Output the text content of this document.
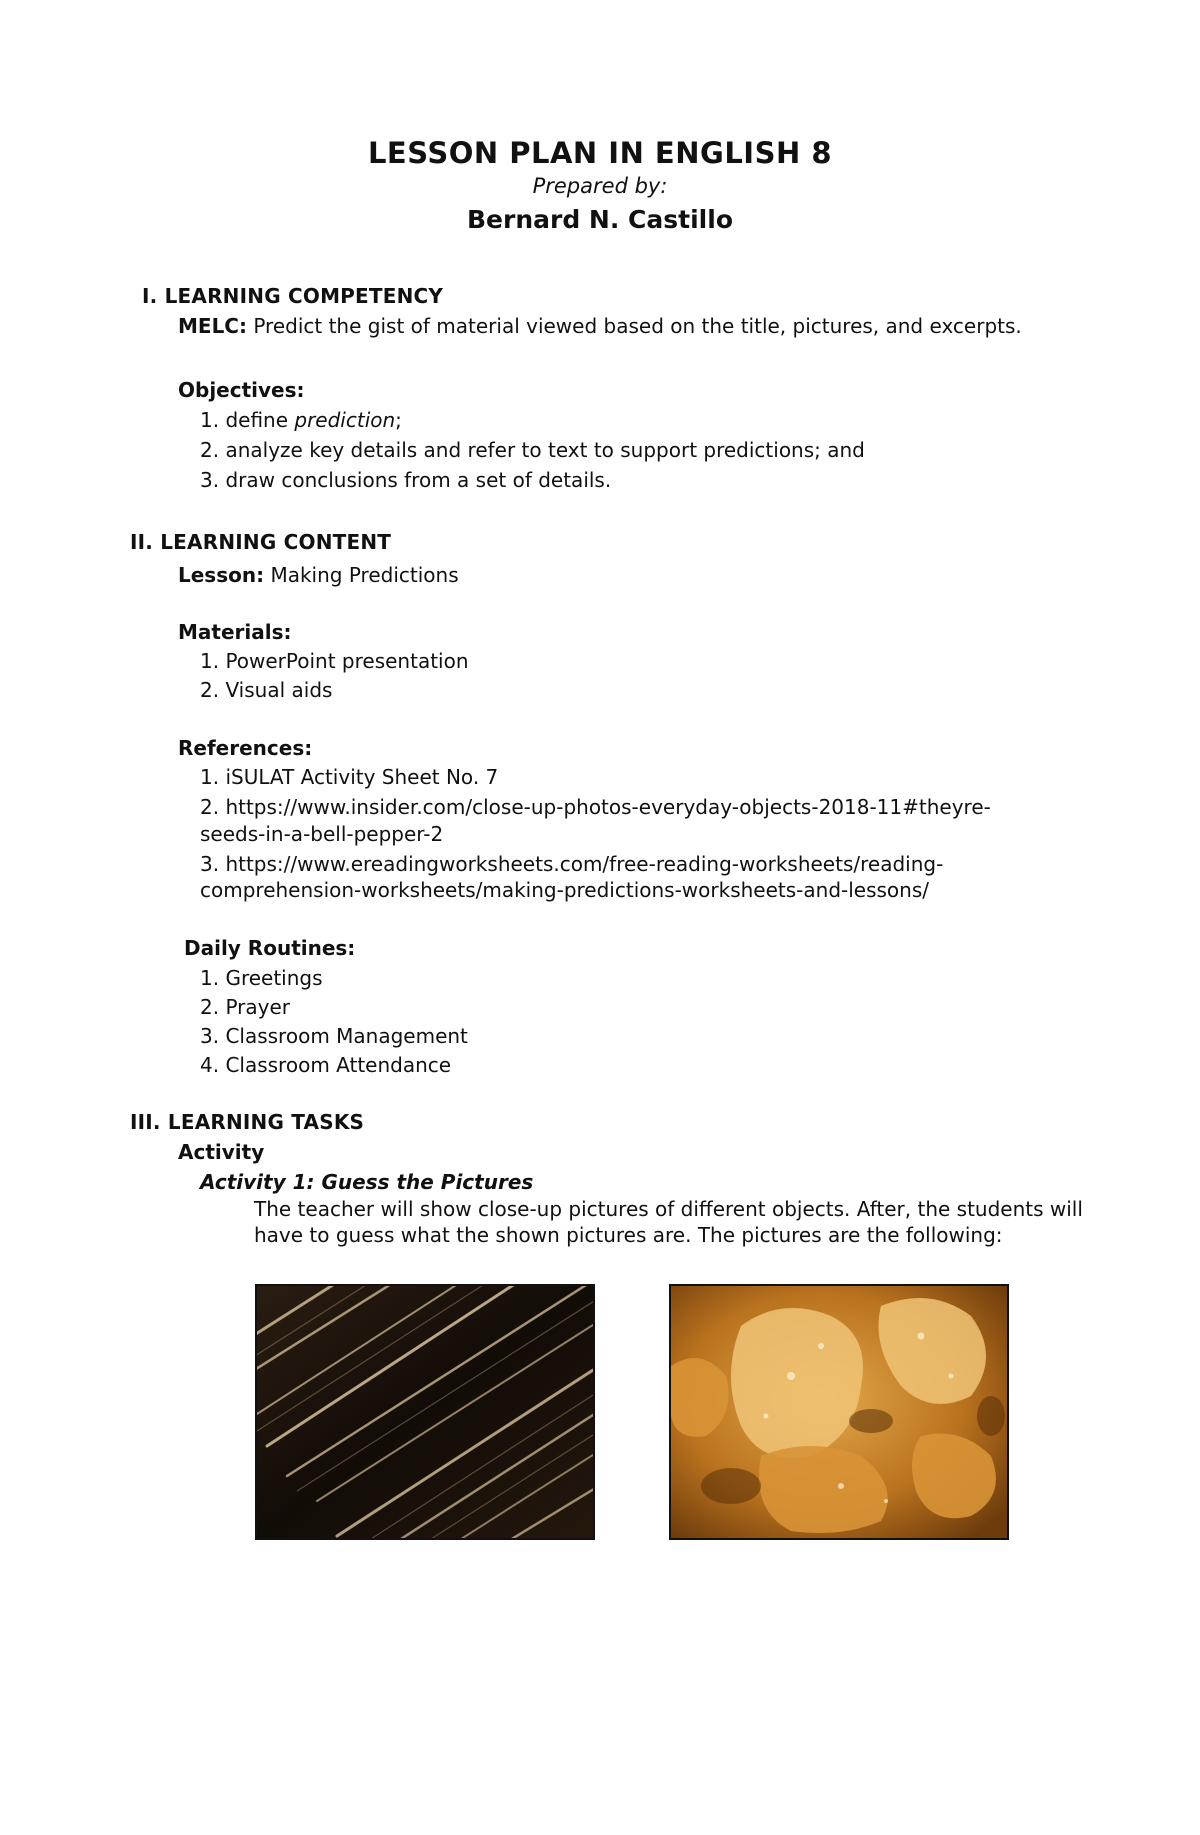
LESSON PLAN IN ENGLISH 8
Prepared by:
Bernard N. Castillo
I. LEARNING COMPETENCY
MELC: Predict the gist of material viewed based on the title, pictures, and excerpts.
Objectives:
1. define prediction;
2. analyze key details and refer to text to support predictions; and
3. draw conclusions from a set of details.
II. LEARNING CONTENT
Lesson: Making Predictions
Materials:
1. PowerPoint presentation
2. Visual aids
References:
1. iSULAT Activity Sheet No. 7
2. https://www.insider.com/close-up-photos-everyday-objects-2018-11#theyre-
seeds-in-a-bell-pepper-2
3. https://www.ereadingworksheets.com/free-reading-worksheets/reading-
comprehension-worksheets/making-predictions-worksheets-and-lessons/
Daily Routines:
1. Greetings
2. Prayer
3. Classroom Management
4. Classroom Attendance
III. LEARNING TASKS
Activity
Activity 1: Guess the Pictures
The teacher will show close-up pictures of different objects. After, the students will have to guess what the shown pictures are. The pictures are the following:
